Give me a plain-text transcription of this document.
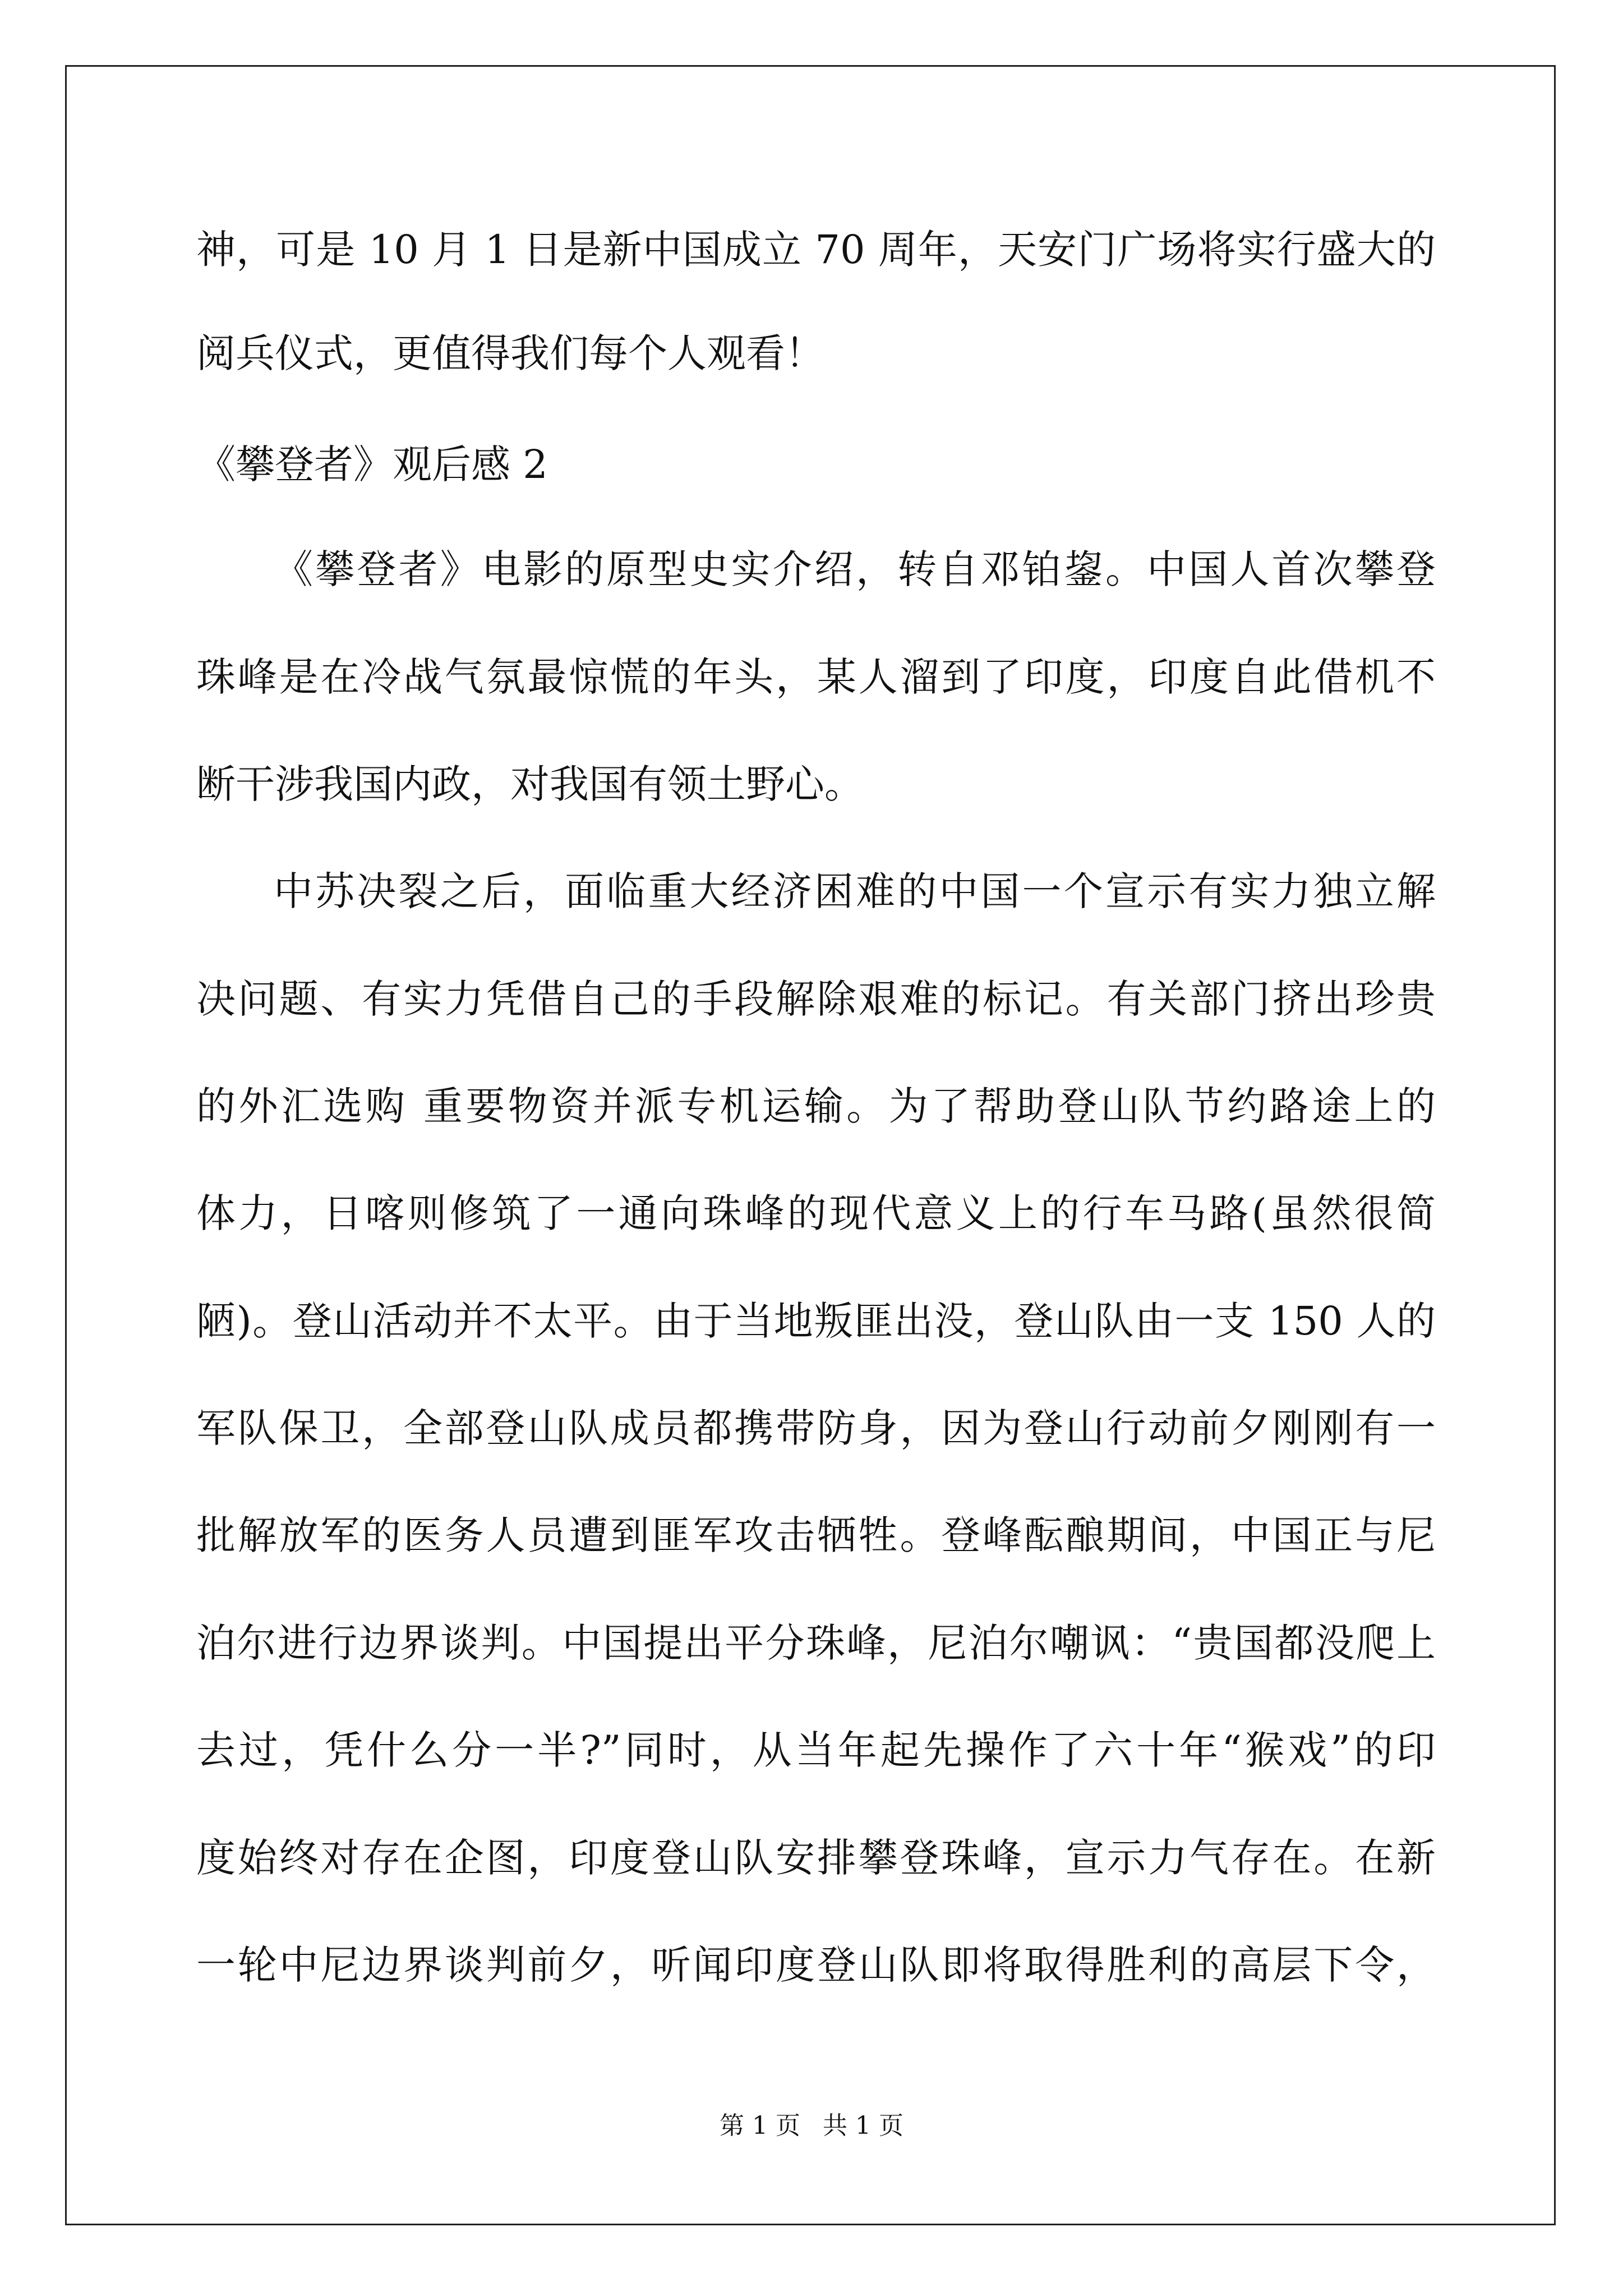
神，可是 10 月 1 日是新中国成立 70 周年，天安门广场将实行盛大的
阅兵仪式，更值得我们每个人观看！
《攀登者》观后感 2
《攀登者》电影的原型史实介绍，转自邓铂鋆。中国人首次攀登
珠峰是在冷战气氛最惊慌的年头，某人溜到了印度，印度自此借机不
断干涉我国内政，对我国有领土野心。
中苏决裂之后，面临重大经济困难的中国一个宣示有实力独立解
决问题、有实力凭借自己的手段解除艰难的标记。有关部门挤出珍贵
的外汇选购 重要物资并派专机运输。为了帮助登山队节约路途上的
体力，日喀则修筑了一通向珠峰的现代意义上的行车马路(虽然很简
陋)。登山活动并不太平。由于当地叛匪出没，登山队由一支 150 人的
军队保卫，全部登山队成员都携带防身，因为登山行动前夕刚刚有一
批解放军的医务人员遭到匪军攻击牺牲。登峰酝酿期间，中国正与尼
泊尔进行边界谈判。中国提出平分珠峰，尼泊尔嘲讽：“贵国都没爬上
去过，凭什么分一半?”同时，从当年起先操作了六十年“猴戏”的印
度始终对存在企图，印度登山队安排攀登珠峰，宣示力气存在。在新
一轮中尼边界谈判前夕，听闻印度登山队即将取得胜利的高层下令，
第 1 页 共 1 页
